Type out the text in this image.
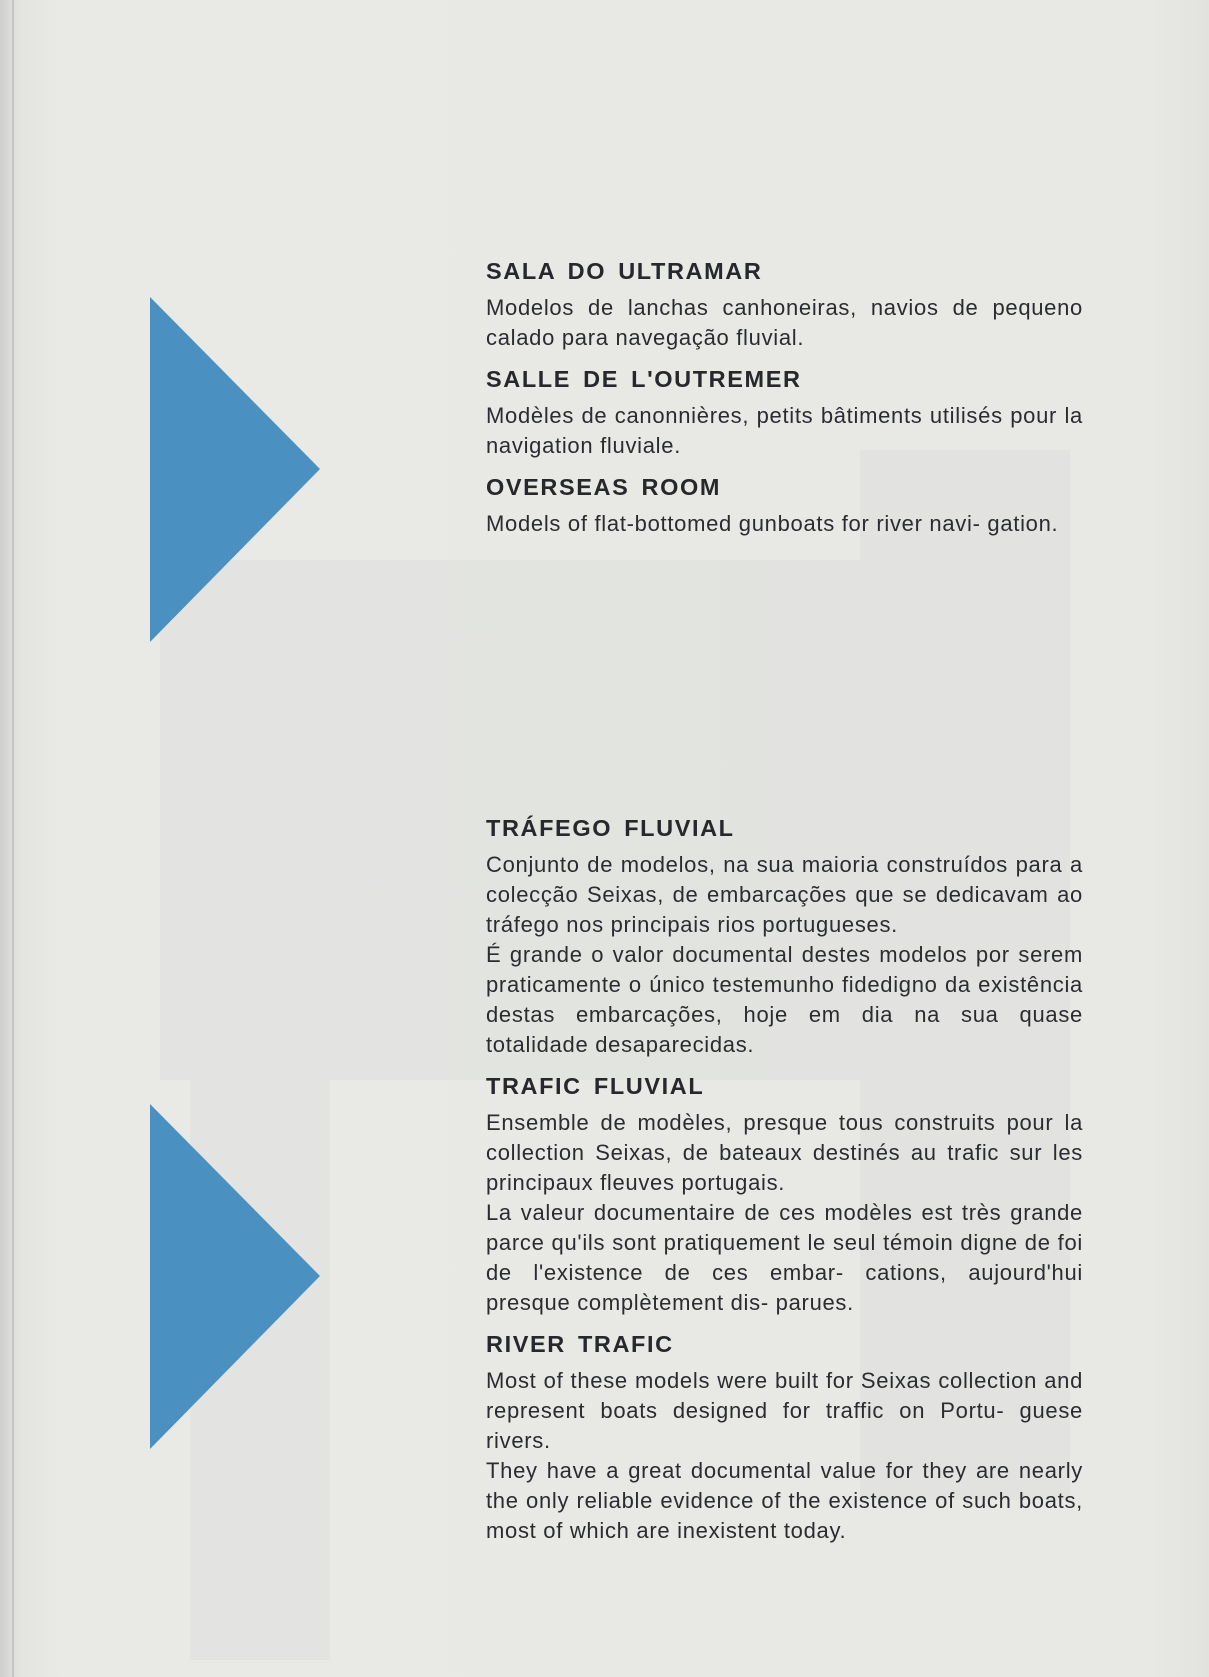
SALA DO ULTRAMAR

Modelos de lanchas canhoneiras, navios de pequeno calado para navegação fluvial.

SALLE DE L'OUTREMER

Modèles de canonnières, petits bâtiments utilisés pour la navigation fluviale.

OVERSEAS ROOM

Models of flat-bottomed gunboats for river navi- gation.

TRÁFEGO FLUVIAL

Conjunto de modelos, na sua maioria construídos para a colecção Seixas, de embarcações que se dedicavam ao tráfego nos principais rios portugueses.

É grande o valor documental destes modelos por serem praticamente o único testemunho fidedigno da existência destas embarcações, hoje em dia na sua quase totalidade desaparecidas.

TRAFIC FLUVIAL

Ensemble de modèles, presque tous construits pour la collection Seixas, de bateaux destinés au trafic sur les principaux fleuves portugais.

La valeur documentaire de ces modèles est très grande parce qu'ils sont pratiquement le seul témoin digne de foi de l'existence de ces embar- cations, aujourd'hui presque complètement dis- parues.

RIVER TRAFIC

Most of these models were built for Seixas collection and represent boats designed for traffic on Portu- guese rivers.

They have a great documental value for they are nearly the only reliable evidence of the existence of such boats, most of which are inexistent today.
